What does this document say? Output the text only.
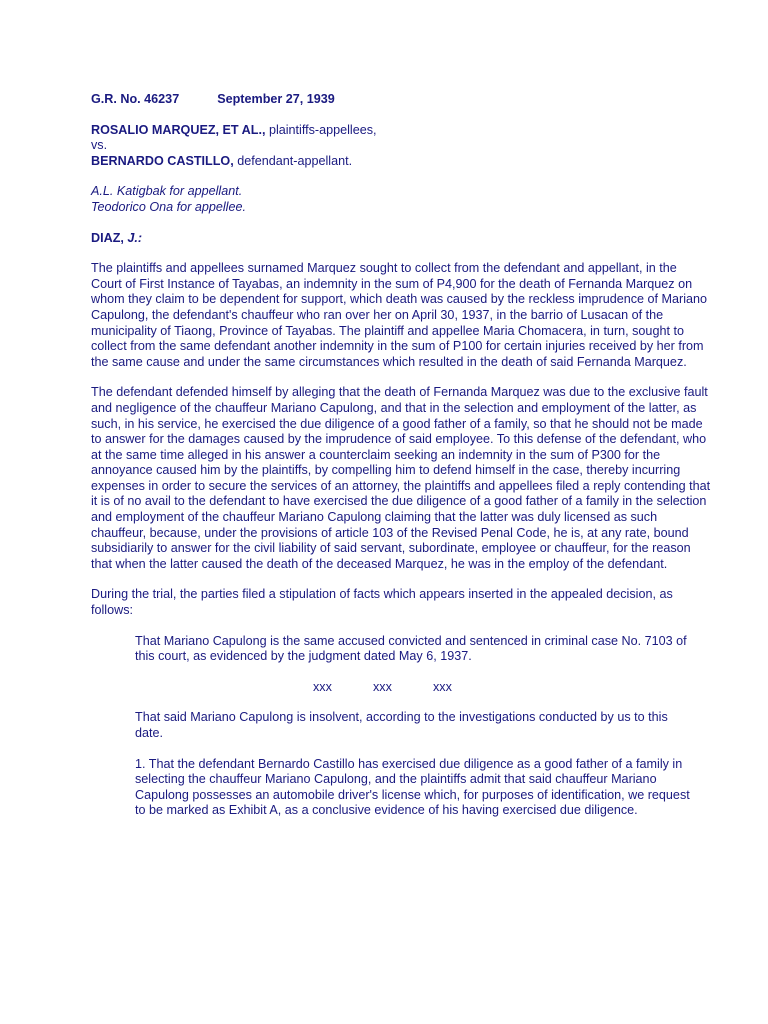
G.R. No. 46237	September 27, 1939
ROSALIO MARQUEZ, ET AL., plaintiffs-appellees,
vs.
BERNARDO CASTILLO, defendant-appellant.
A.L. Katigbak for appellant.
Teodorico Ona for appellee.
DIAZ, J.:

The plaintiffs and appellees surnamed Marquez sought to collect from the defendant and appellant, in the Court of First Instance of Tayabas, an indemnity in the sum of P4,900 for the death of Fernanda Marquez on whom they claim to be dependent for support, which death was caused by the reckless imprudence of Mariano Capulong, the defendant's chauffeur who ran over her on April 30, 1937, in the barrio of Lusacan of the municipality of Tiaong, Province of Tayabas. The plaintiff and appellee Maria Chomacera, in turn, sought to collect from the same defendant another indemnity in the sum of P100 for certain injuries received by her from the same cause and under the same circumstances which resulted in the death of said Fernanda Marquez.

The defendant defended himself by alleging that the death of Fernanda Marquez was due to the exclusive fault and negligence of the chauffeur Mariano Capulong, and that in the selection and employment of the latter, as such, in his service, he exercised the due diligence of a good father of a family, so that he should not be made to answer for the damages caused by the imprudence of said employee. To this defense of the defendant, who at the same time alleged in his answer a counterclaim seeking an indemnity in the sum of P300 for the annoyance caused him by the plaintiffs, by compelling him to defend himself in the case, thereby incurring expenses in order to secure the services of an attorney, the plaintiffs and appellees filed a reply contending that it is of no avail to the defendant to have exercised the due diligence of a good father of a family in the selection and employment of the chauffeur Mariano Capulong claiming that the latter was duly licensed as such chauffeur, because, under the provisions of article 103 of the Revised Penal Code, he is, at any rate, bound subsidiarily to answer for the civil liability of said servant, subordinate, employee or chauffeur, for the reason that when the latter caused the death of the deceased Marquez, he was in the employ of the defendant.

During the trial, the parties filed a stipulation of facts which appears inserted in the appealed decision, as follows:

That Mariano Capulong is the same accused convicted and sentenced in criminal case No. 7103 of this court, as evidenced by the judgment dated May 6, 1937.

xxx	xxx	xxx

That said Mariano Capulong is insolvent, according to the investigations conducted by us to this date.

1. That the defendant Bernardo Castillo has exercised due diligence as a good father of a family in selecting the chauffeur Mariano Capulong, and the plaintiffs admit that said chauffeur Mariano Capulong possesses an automobile driver's license which, for purposes of identification, we request to be marked as Exhibit A, as a conclusive evidence of his having exercised due diligence.
